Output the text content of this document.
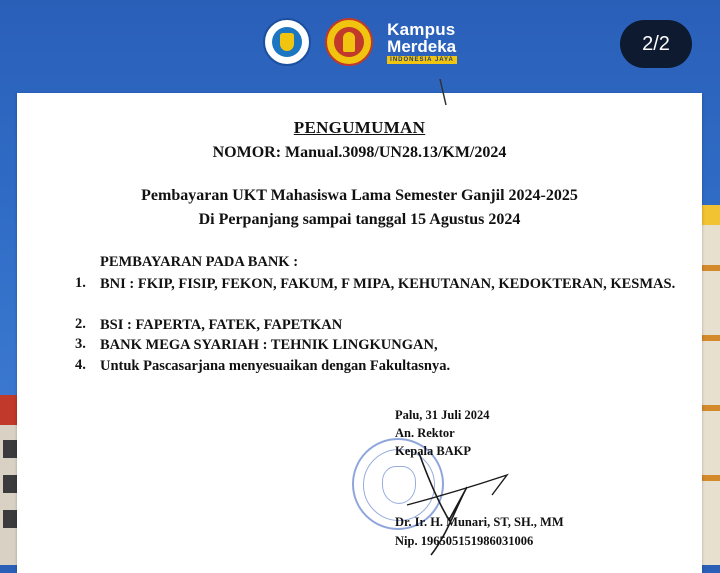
Kampus
Merdeka
INDONESIA JAYA
2/2
PENGUMUMAN
NOMOR: Manual.3098/UN28.13/KM/2024
Pembayaran UKT Mahasiswa Lama Semester Ganjil 2024-2025
Di Perpanjang sampai tanggal 15 Agustus 2024
PEMBAYARAN PADA BANK :
1. BNI : FKIP, FISIP, FEKON, FAKUM, F MIPA, KEHUTANAN, KEDOKTERAN, KESMAS.
2. BSI : FAPERTA, FATEK, FAPETKAN
3. BANK MEGA SYARIAH : TEHNIK LINGKUNGAN,
4. Untuk Pascasarjana menyesuaikan dengan Fakultasnya.
Palu, 31 Juli 2024
An. Rektor
Kepala BAKP
Dr. Ir. H. Munari, ST, SH., MM
Nip. 196505151986031006
